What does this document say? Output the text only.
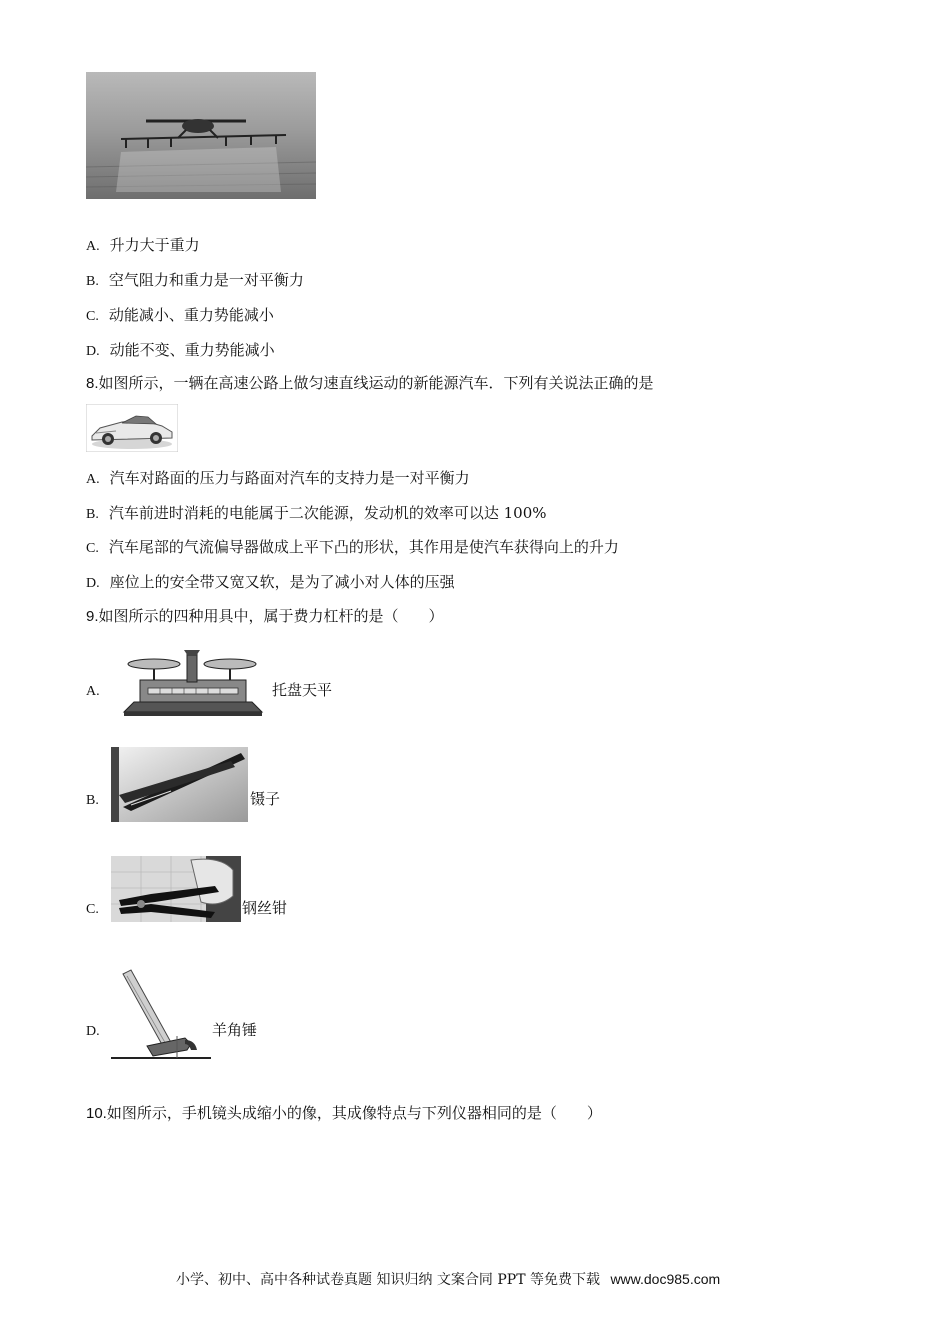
A. 升力大于重力
B. 空气阻力和重力是一对平衡力
C. 动能减小、重力势能减小
D. 动能不变、重力势能减小
8.如图所示，一辆在高速公路上做匀速直线运动的新能源汽车．下列有关说法正确的是
A. 汽车对路面的压力与路面对汽车的支持力是一对平衡力
B. 汽车前进时消耗的电能属于二次能源，发动机的效率可以达 100%
C. 汽车尾部的气流偏导器做成上平下凸的形状，其作用是使汽车获得向上的升力
D. 座位上的安全带又宽又软，是为了减小对人体的压强
9.如图所示的四种用具中，属于费力杠杆的是（　　）
A.	托盘天平
B.	镊子
C.	钢丝钳
D.	羊角锤
10.如图所示，手机镜头成缩小的像，其成像特点与下列仪器相同的是（　　）
小学、初中、高中各种试卷真题 知识归纳 文案合同 PPT 等免费下载 www.doc985.com
